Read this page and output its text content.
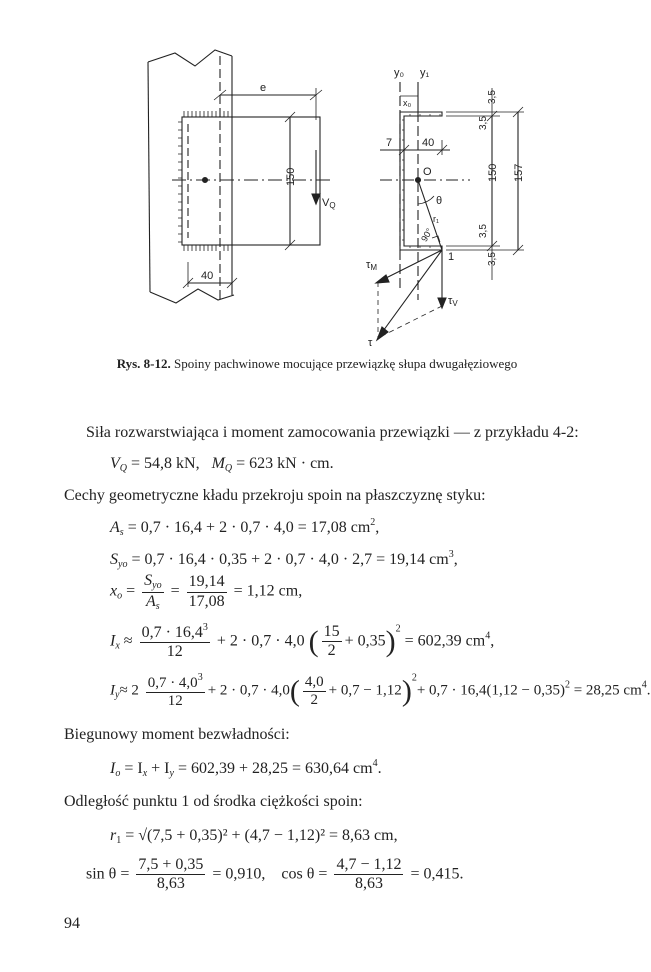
e
150
VQ
40
y₀ y₁
x₀
7	40
O
θ
r₁
90°
1
τM
τV
τ
3,5
3,5
3,5
3,5
150 157
Rys. 8-12. Spoiny pachwinowe mocujące przewiązkę słupa dwugałęziowego
Siła rozwarstwiająca i moment zamocowania przewiązki — z przykładu 4-2:
$V_Q = 54,8$ kN, $M_Q = 623$ kN · cm.
Cechy geometryczne kładu przekroju spoin na płaszczyznę styku:
$A_s = 0,7 \cdot 16,4 + 2 \cdot 0,7 \cdot 4,0 = 17,08$ $cm^2$,
$S_{yo} = 0,7 \cdot 16,4 \cdot 0,35 + 2 \cdot 0,7 \cdot 4,0 \cdot 2,7 = 19,14$ $cm^3$,
$x_o = \frac{S_{yo}}{A_s} = \frac{19,14}{17,08} = 1,12$ cm,
$I_x \approx \frac{0,7 \cdot 16,4^3}{12} + 2 \cdot 0,7 \cdot 4,0$ ( $\frac{15}{2} + 0,35)^2 = 602,39$ $cm^4$,
$I_y\approx 2 \frac{0,7 \cdot 4,0^3}{12} + 2 \cdot 0,7 \cdot 4,0( \frac{4,0}{2} + 0,7 - 1,12)^2+ 0,7 \cdot 16,4(1,12 - 0,35)^2 = 28,25$ $cm^4$.
Biegunowy moment bezwładności:
$I_o = I_x + I_y = 602,39 + 28,25 = 630,64$ $cm^4$.
Odległość punktu 1 od środka ciężkości spoin:
$r_1 = √(7,5 + 0,35)^2 + (4,7 - 1,12)^2 = 8,63$ cm,
$\sin \theta = \frac{7,5 + 0,35}{8,63} = 0,910$, $\cos \theta = \frac{4,7 - 1,12}{8,63} = 0,415$.
94
